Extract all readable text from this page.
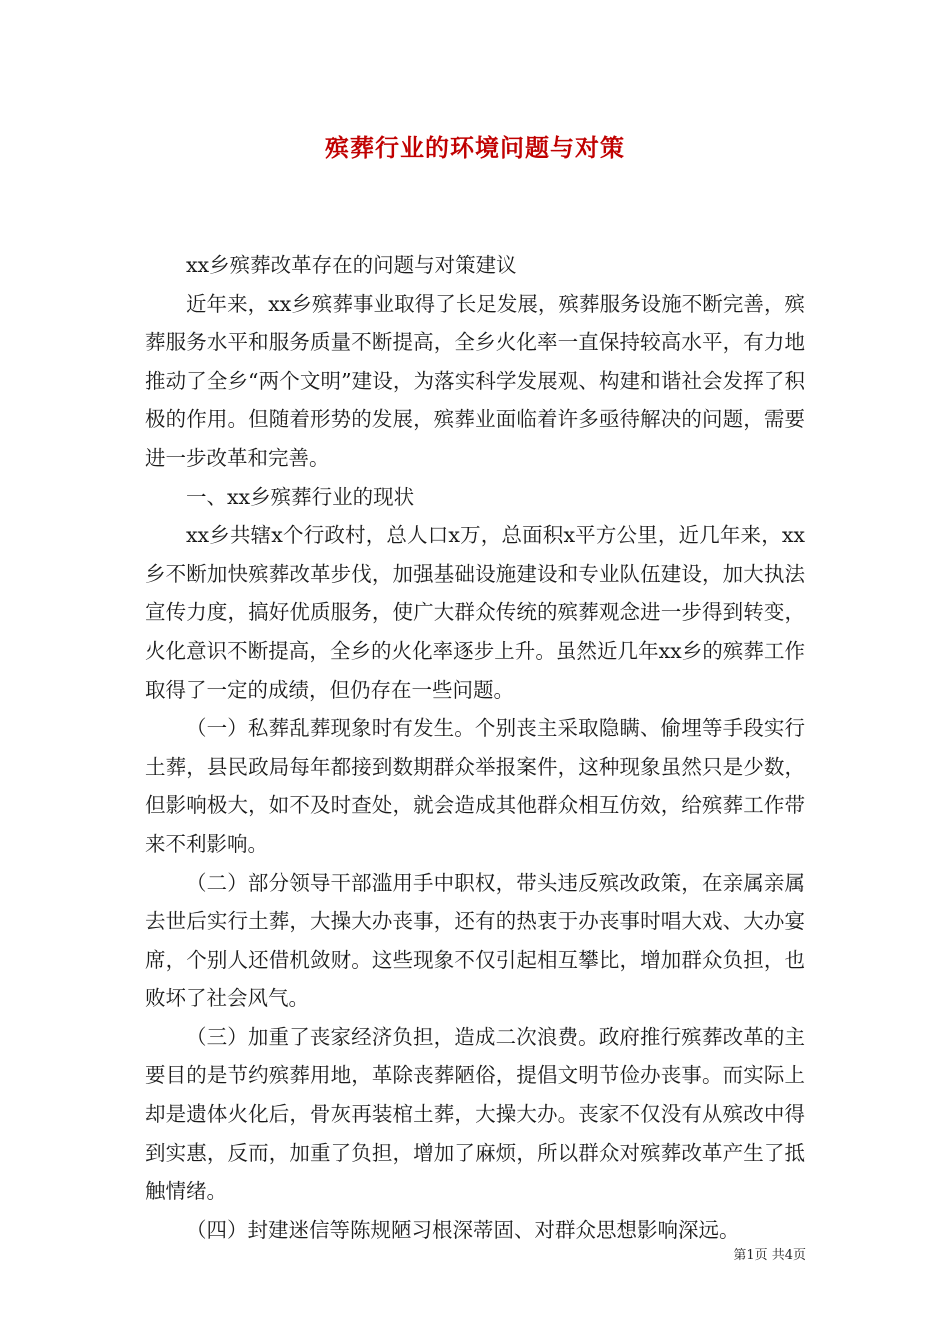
殡葬行业的环境问题与对策

xx乡殡葬改革存在的问题与对策建议

近年来，xx乡殡葬事业取得了长足发展，殡葬服务设施不断完善，殡葬服务水平和服务质量不断提高，全乡火化率一直保持较高水平，有力地推动了全乡“两个文明”建设，为落实科学发展观、构建和谐社会发挥了积极的作用。但随着形势的发展，殡葬业面临着许多亟待解决的问题，需要进一步改革和完善。

一、xx乡殡葬行业的现状

xx乡共辖x个行政村，总人口x万，总面积x平方公里，近几年来，xx乡不断加快殡葬改革步伐，加强基础设施建设和专业队伍建设，加大执法宣传力度，搞好优质服务，使广大群众传统的殡葬观念进一步得到转变，火化意识不断提高，全乡的火化率逐步上升。虽然近几年xx乡的殡葬工作取得了一定的成绩，但仍存在一些问题。

（一）私葬乱葬现象时有发生。个别丧主采取隐瞒、偷埋等手段实行土葬，县民政局每年都接到数期群众举报案件，这种现象虽然只是少数，但影响极大，如不及时查处，就会造成其他群众相互仿效，给殡葬工作带来不利影响。

（二）部分领导干部滥用手中职权，带头违反殡改政策，在亲属亲属去世后实行土葬，大操大办丧事，还有的热衷于办丧事时唱大戏、大办宴席，个别人还借机敛财。这些现象不仅引起相互攀比，增加群众负担，也败坏了社会风气。

（三）加重了丧家经济负担，造成二次浪费。政府推行殡葬改革的主要目的是节约殡葬用地，革除丧葬陋俗，提倡文明节俭办丧事。而实际上却是遗体火化后，骨灰再装棺土葬，大操大办。丧家不仅没有从殡改中得到实惠，反而，加重了负担，增加了麻烦，所以群众对殡葬改革产生了抵触情绪。

（四）封建迷信等陈规陋习根深蒂固、对群众思想影响深远。

第1页 共4页
